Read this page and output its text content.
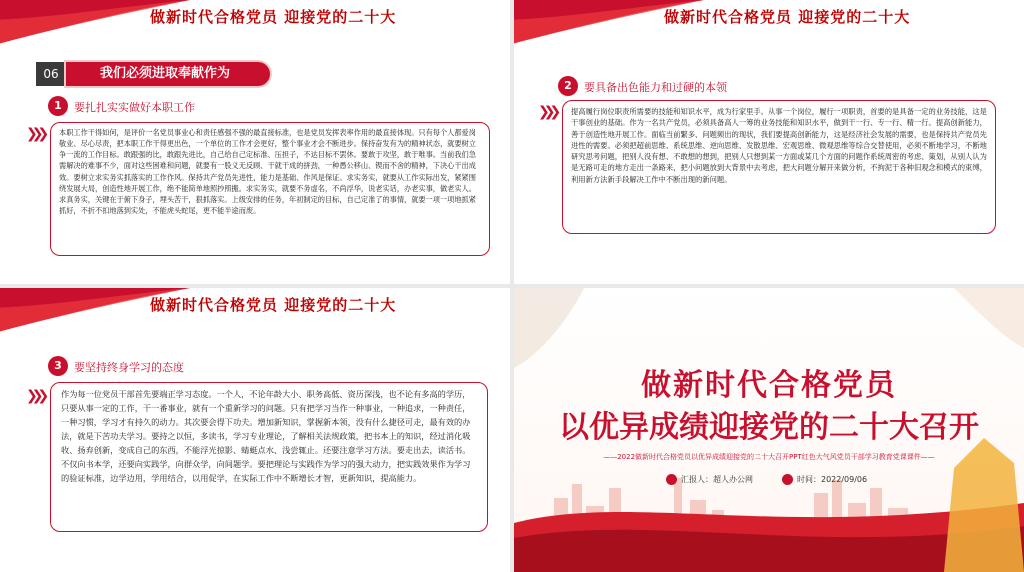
做新时代合格党员 迎接党的二十大
06	我们必须进取奉献作为
1	要扎扎实实做好本职工作
❯❯❯	本职工作干得如何，是评价一名党员事业心和责任感强不强的最直接标准，也是党员发挥表率作用的最直接体现。只有每个人都爱岗敬业、尽心尽责，把本职工作干得更出色，一个单位的工作才会更好，整个事业才会不断进步。保持奋发有为的精神状态，就要树立争一流的工作目标。敢跟强的比，敢跟先进比，自己给自己定标准、压担子，不达目标不罢休。要敢于攻坚，敢于唯事。当前我们急需解决的难事不少，面对这些困难和问题，就要有一股义无反顾、干就干成的拼劲，一种愚公移山、锲而不舍的精神，下决心干出成效。要树立求实务实抓落实的工作作风。保持共产党员先进性，能力是基础、作风是保证。求实务实，就要从工作实际出发，紧紧围绕发展大局，创造性地开展工作，绝不能简单地照抄照搬。求实务实，就要不务虚名，不尚浮华，说老实话，办老实事，做老实人。求真务实，关键在于俯下身子，埋头苦干，狠抓落实。上级安排的任务，年初制定的目标，自己定准了的事情，就要一项一项地抓紧抓好，不折不扣地落到实处，不能虎头蛇尾，更不能半途而废。
做新时代合格党员 迎接党的二十大
2	要具备出色能力和过硬的本领
❯❯❯	提高履行岗位职责所需要的技能和知识水平，成为行家里手。从事一个岗位，履行一项职责，首要的是具备一定的业务技能，这是干事创业的基础。作为一名共产党员，必须具备高人一筹的业务技能和知识水平，做到干一行、专一行、精一行。提高创新能力，善于创造性地开展工作。面临当前繁多、问题频出的现状，我们要提高创新能力，这是经济社会发展的需要，也是保持共产党员先进性的需要。必须把超前思维、系统思维、逆向思维、发散思维、宏观思维、微观思维等综合交替使用，必须不断地学习，不断地研究思考问题，把别人没有想、不敢想的想到，把别人只想到某一方面或某几个方面的问题作系统周密的考虑、策划，从别人认为是无路可走的地方走出一条路来，把小问题放到大背景中去考虑，把大问题分解开来做分析，不拘泥于各种旧观念和模式的束缚，利用新方法新手段解决工作中不断出现的新问题。
做新时代合格党员 迎接党的二十大
3	要坚持终身学习的态度
❯❯❯	作为每一位党员干部首先要端正学习态度。一个人，不论年龄大小、职务高低、资历深浅，也不论有多高的学历，只要从事一定的工作，干一番事业，就有一个重新学习的问题。只有把学习当作一种事业，一种追求，一种责任，一种习惯，学习才有持久的动力。其次要会得下功夫。增加新知识，掌握新本领，没有什么捷径可走，最有效的办法，就是下苦功夫学习。要持之以恒，多读书，学习专业理论，了解相关法规政策，把书本上的知识，经过消化吸收、扬弃创新，变成自己的东西，不能浮光掠影、蜻蜓点水、浅尝辄止。还要注意学习方法。要走出去，读活书。不仅向书本学，还要向实践学，向群众学，向间题学。要把理论与实践作为学习的强大动力，把实践效果作为学习的验证标准，边学边用，学用结合，以用促学，在实际工作中不断增长才智，更新知识，提高能力。
做新时代合格党员
以优异成绩迎接党的二十大召开
——2022做新时代合格党员以优异成绩迎接党的二十大召开PPT红色大气风党员干部学习教育党课课件——
汇报人：超人办公网	时间：2022/09/06
